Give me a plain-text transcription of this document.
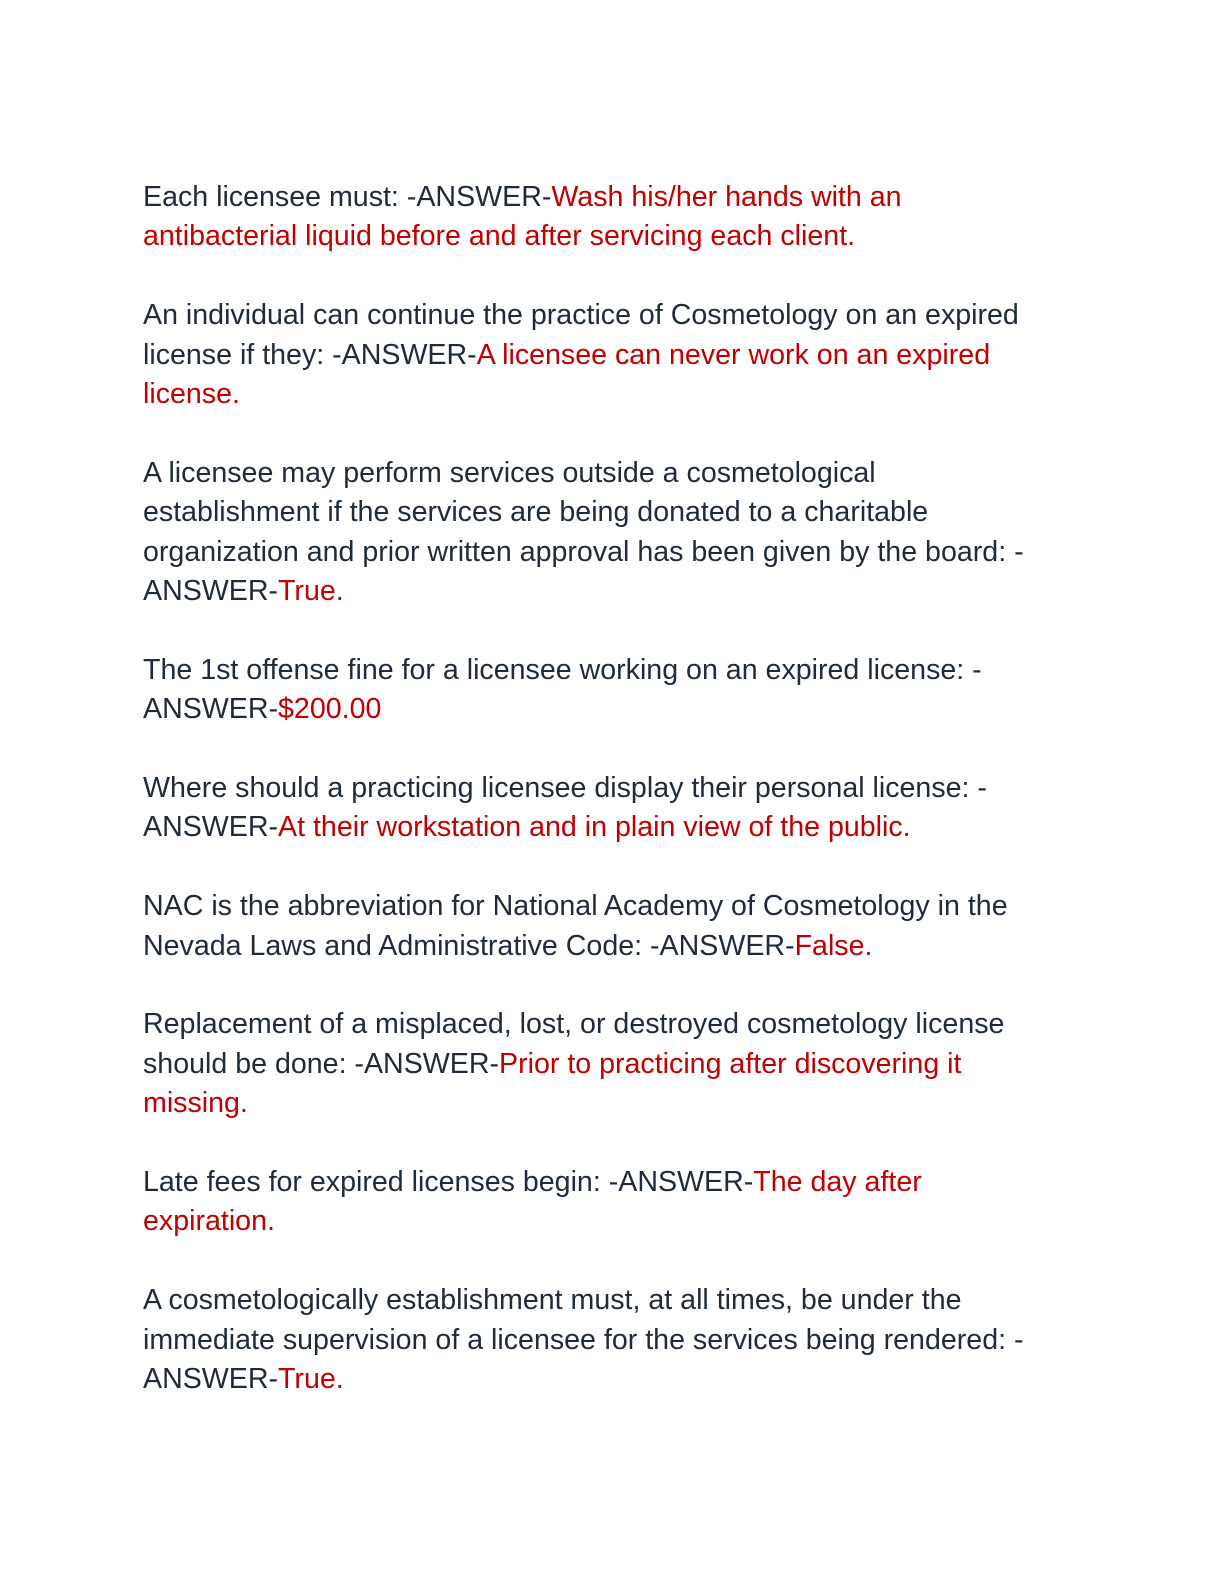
Each licensee must: -ANSWER-Wash his/her hands with an
antibacterial liquid before and after servicing each client.
An individual can continue the practice of Cosmetology on an expired
license if they: -ANSWER-A licensee can never work on an expired
license.
A licensee may perform services outside a cosmetological
establishment if the services are being donated to a charitable
organization and prior written approval has been given by the board: -
ANSWER-True.
The 1st offense fine for a licensee working on an expired license: -
ANSWER-$200.00
Where should a practicing licensee display their personal license: -
ANSWER-At their workstation and in plain view of the public.
NAC is the abbreviation for National Academy of Cosmetology in the
Nevada Laws and Administrative Code: -ANSWER-False.
Replacement of a misplaced, lost, or destroyed cosmetology license
should be done: -ANSWER-Prior to practicing after discovering it
missing.
Late fees for expired licenses begin: -ANSWER-The day after
expiration.
A cosmetologically establishment must, at all times, be under the
immediate supervision of a licensee for the services being rendered: -
ANSWER-True.
